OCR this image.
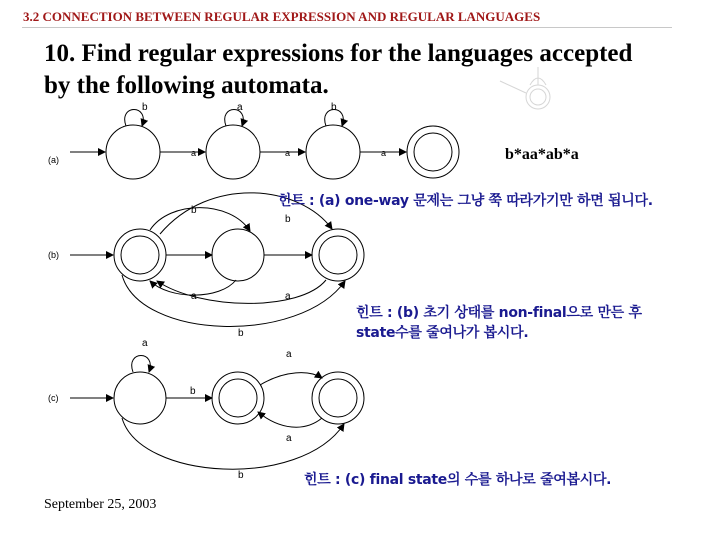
3.2 CONNECTION BETWEEN REGULAR EXPRESSION AND REGULAR LANGUAGES
10. Find regular expressions for the languages accepted by the following automata.
b*aa*ab*a
(a)
b	a	b
a	a	a
(b)
b
b
a	a
b
(c)
a
b
a
a
b
힌트 : (a) one-way 문제는 그냥 쭉 따라가기만 하면 됩니다.
힌트 : (b) 초기 상태를 non-final으로 만든 후
state수를 줄여나가 봅시다.
힌트 : (c) final state의 수를 하나로 줄여봅시다.
September 25, 2003
